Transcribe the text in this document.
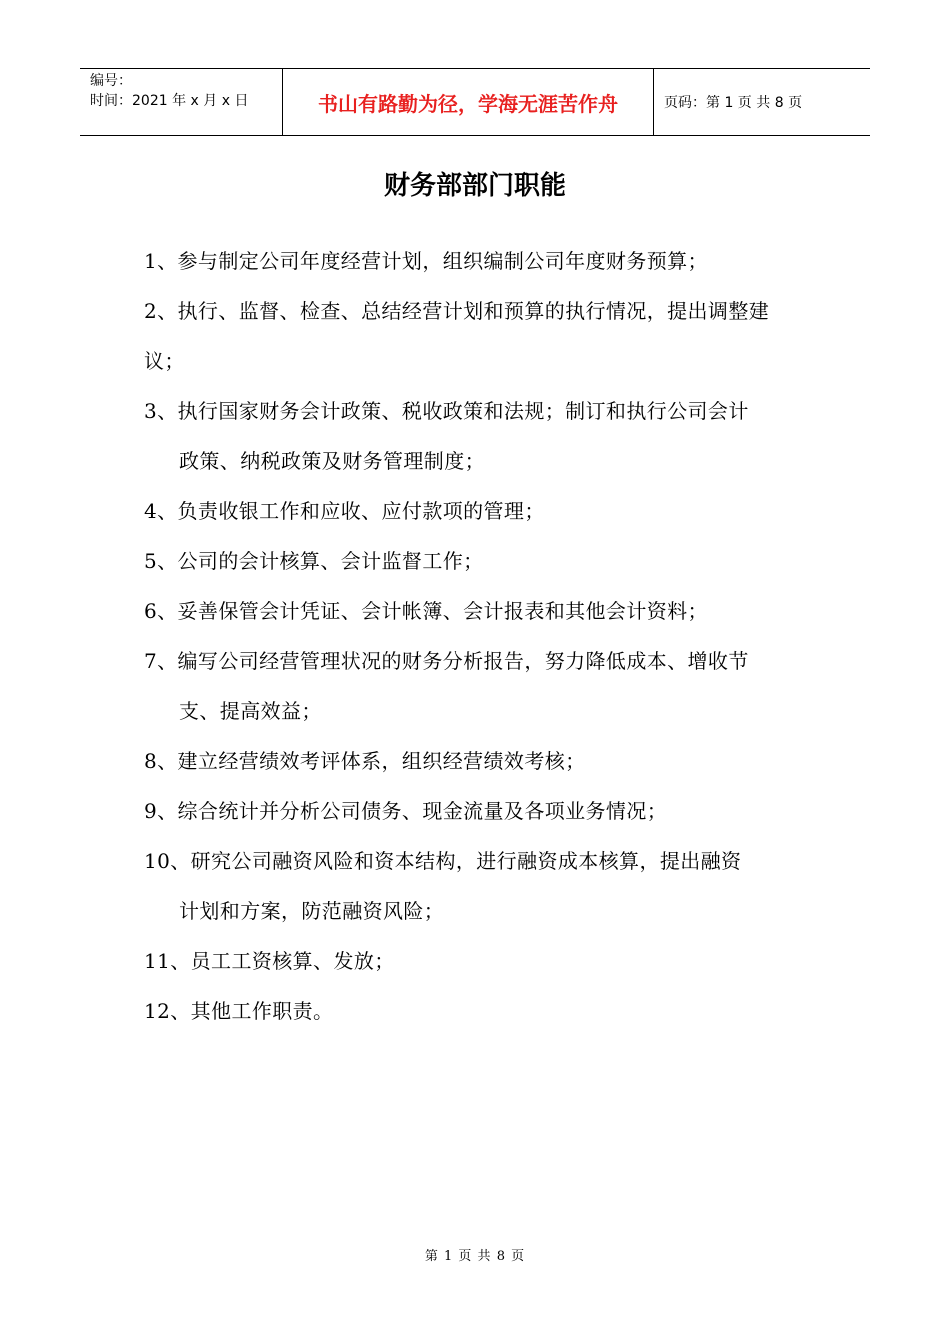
编号：
时间：2021 年 x 月 x 日	书山有路勤为径，学海无涯苦作舟	页码：第 1 页 共 8 页
财务部部门职能
1、参与制定公司年度经营计划，组织编制公司年度财务预算；
2、执行、监督、检查、总结经营计划和预算的执行情况，提出调整建
议；
3、执行国家财务会计政策、税收政策和法规；制订和执行公司会计
政策、纳税政策及财务管理制度；
4、负责收银工作和应收、应付款项的管理；
5、公司的会计核算、会计监督工作；
6、妥善保管会计凭证、会计帐簿、会计报表和其他会计资料；
7、编写公司经营管理状况的财务分析报告，努力降低成本、增收节
支、提高效益；
8、建立经营绩效考评体系，组织经营绩效考核；
9、综合统计并分析公司债务、现金流量及各项业务情况；
10、研究公司融资风险和资本结构，进行融资成本核算，提出融资
计划和方案，防范融资风险；
11、员工工资核算、发放；
12、其他工作职责。
第 1 页 共 8 页
